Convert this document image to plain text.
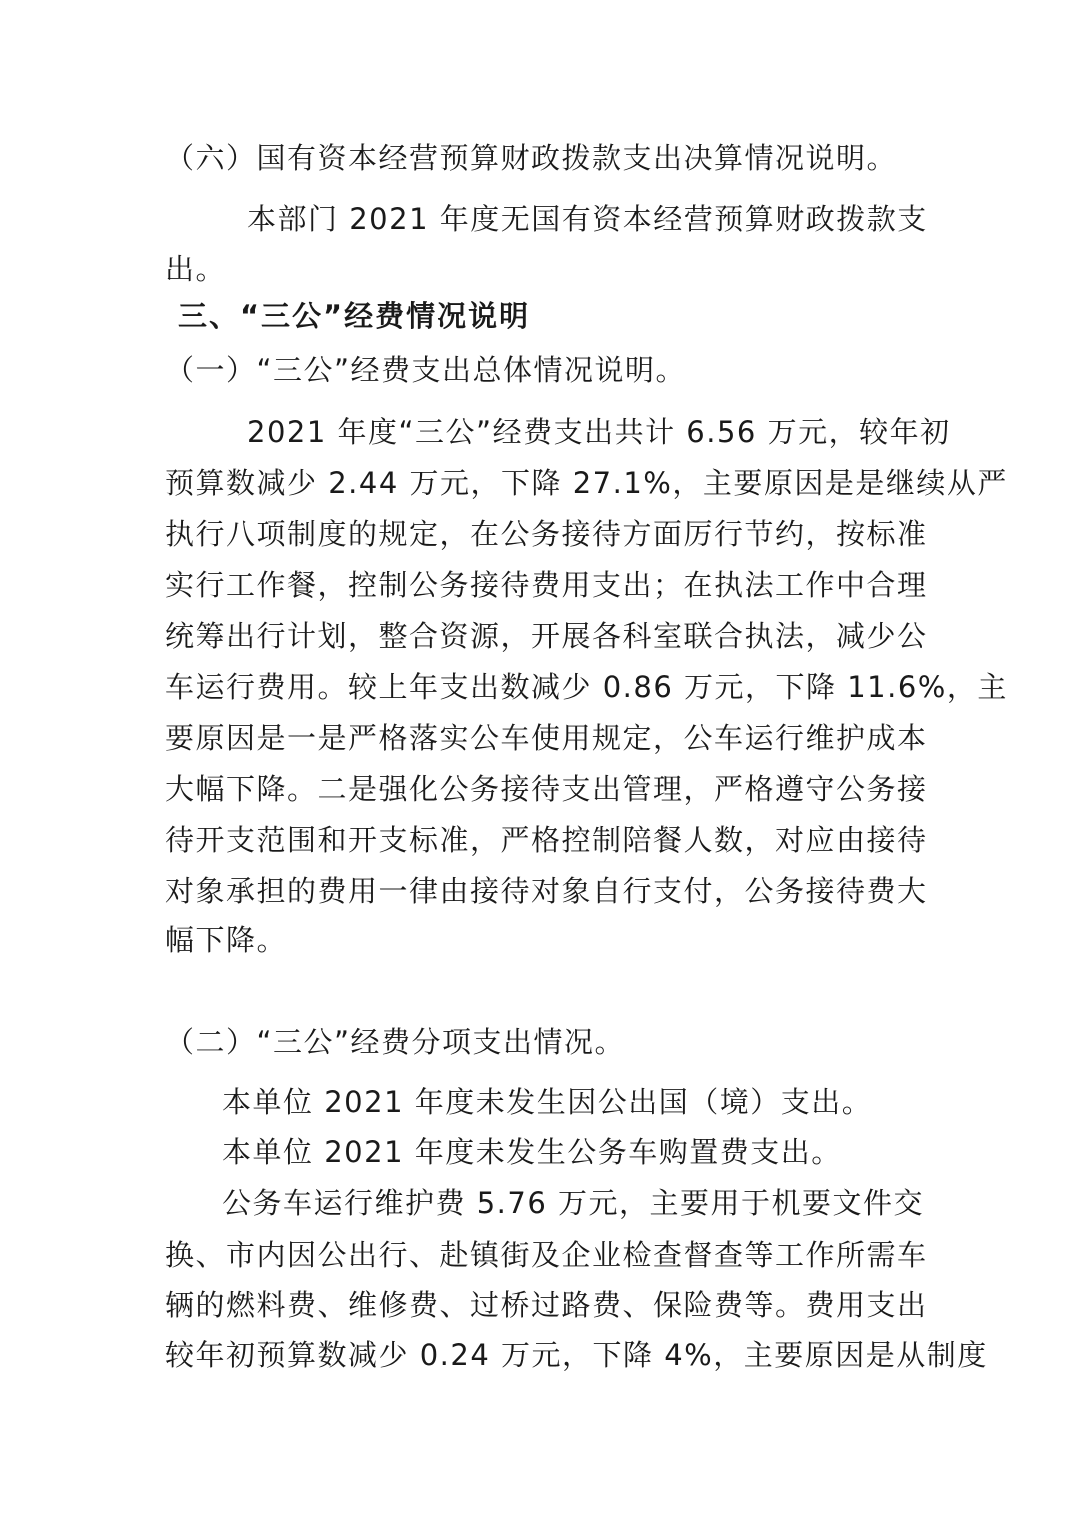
（六）国有资本经营预算财政拨款支出决算情况说明。
本部门 2021 年度无国有资本经营预算财政拨款支
出。
三、“三公”经费情况说明
（一）“三公”经费支出总体情况说明。
2021 年度“三公”经费支出共计 6.56 万元，较年初
预算数减少 2.44 万元，下降 27.1%，主要原因是是继续从严
执行八项制度的规定，在公务接待方面厉行节约，按标准
实行工作餐，控制公务接待费用支出；在执法工作中合理
统筹出行计划，整合资源，开展各科室联合执法，减少公
车运行费用。较上年支出数减少 0.86 万元，下降 11.6%，主
要原因是一是严格落实公车使用规定，公车运行维护成本
大幅下降。二是强化公务接待支出管理，严格遵守公务接
待开支范围和开支标准，严格控制陪餐人数，对应由接待
对象承担的费用一律由接待对象自行支付，公务接待费大
幅下降。
（二）“三公”经费分项支出情况。
本单位 2021 年度未发生因公出国（境）支出。
本单位 2021 年度未发生公务车购置费支出。
公务车运行维护费 5.76 万元，主要用于机要文件交
换、市内因公出行、赴镇街及企业检查督查等工作所需车
辆的燃料费、维修费、过桥过路费、保险费等。费用支出
较年初预算数减少 0.24 万元，下降 4%，主要原因是从制度
